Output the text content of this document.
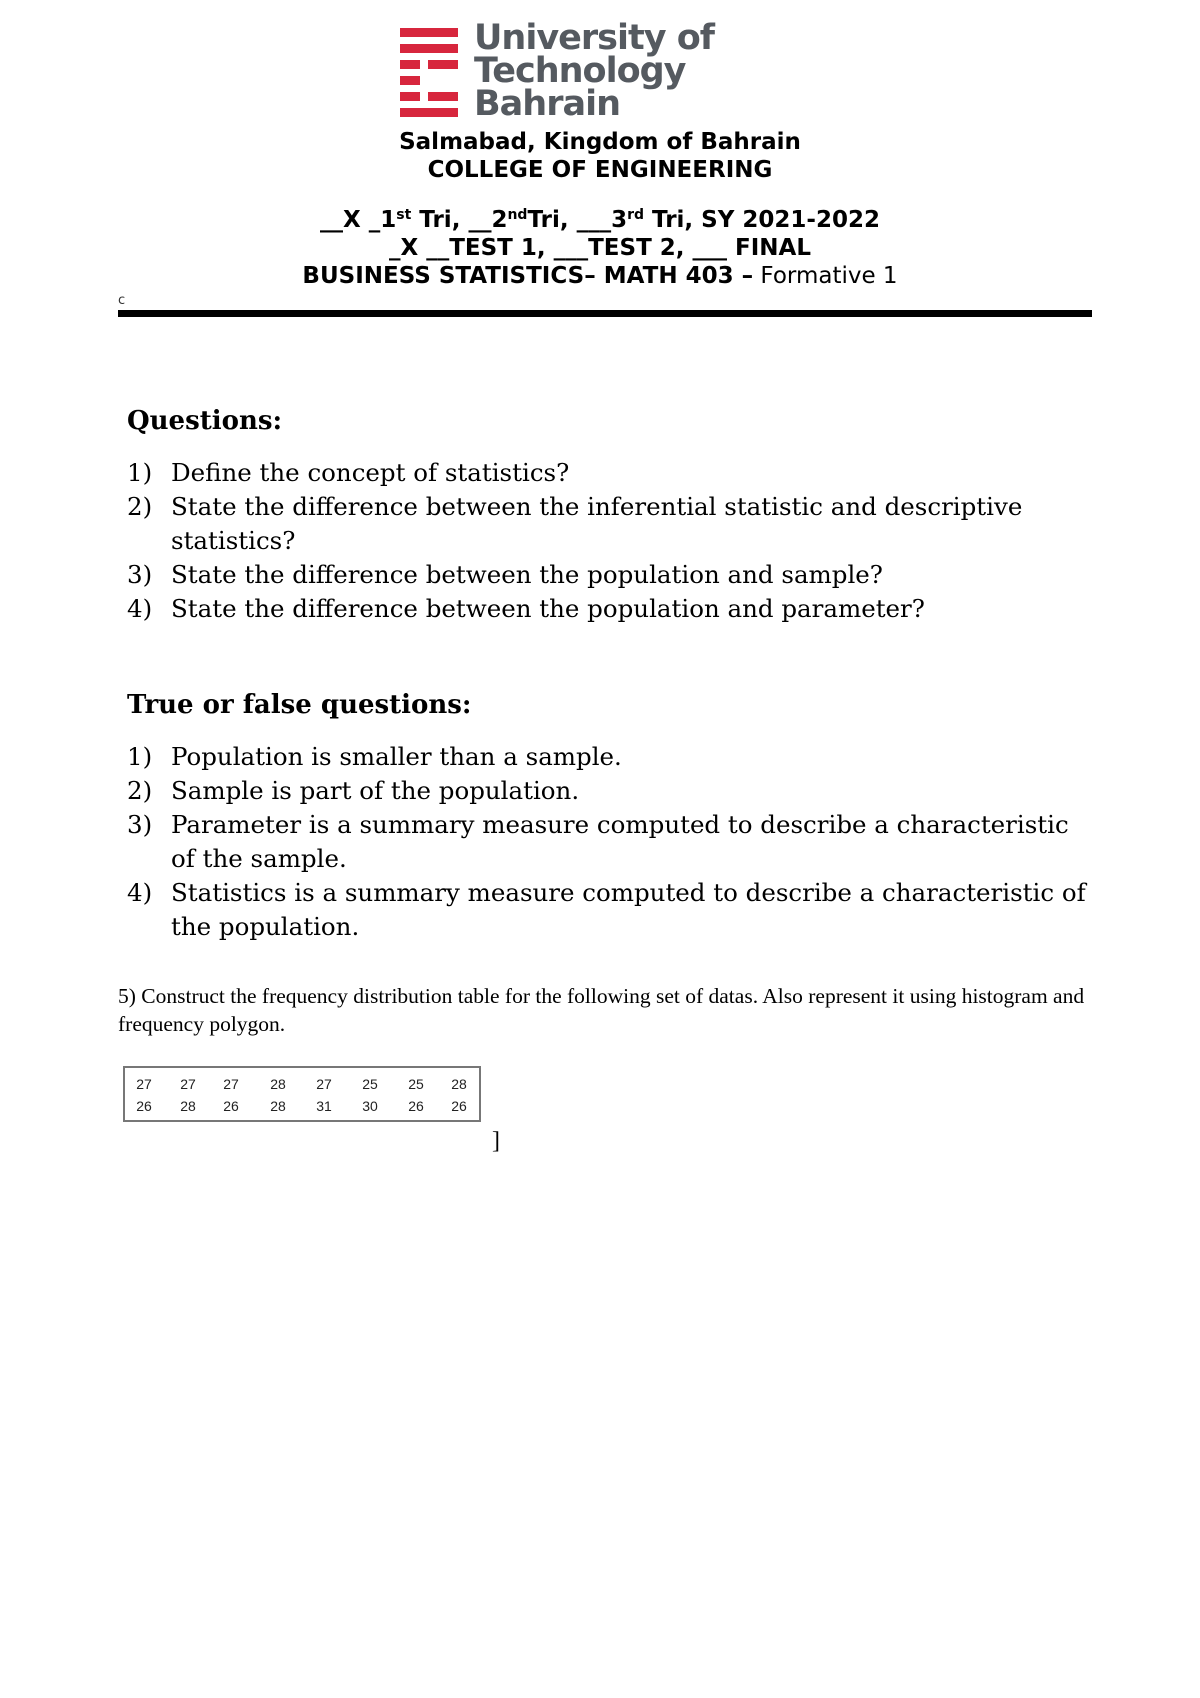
University of
Technology
Bahrain
Salmabad, Kingdom of Bahrain
COLLEGE OF ENGINEERING
__X _1st Tri, __2ndTri, ___3rd Tri, SY 2021-2022
_X __TEST 1, ___TEST 2, ___ FINAL
BUSINESS STATISTICS– MATH 403 – Formative 1
c
Questions:
1) Define the concept of statistics?
2) State the difference between the inferential statistic and descriptive statistics?
3) State the difference between the population and sample?
4) State the difference between the population and parameter?
True or false questions:
1) Population is smaller than a sample.
2) Sample is part of the population.
3) Parameter is a summary measure computed to describe a characteristic of the sample.
4) Statistics is a summary measure computed to describe a characteristic of the population.
5) Construct the frequency distribution table for the following set of datas. Also represent it using histogram and frequency polygon.
27	27	27	28	27	25	25	28
26	28	26	28	31	30	26	26
]
